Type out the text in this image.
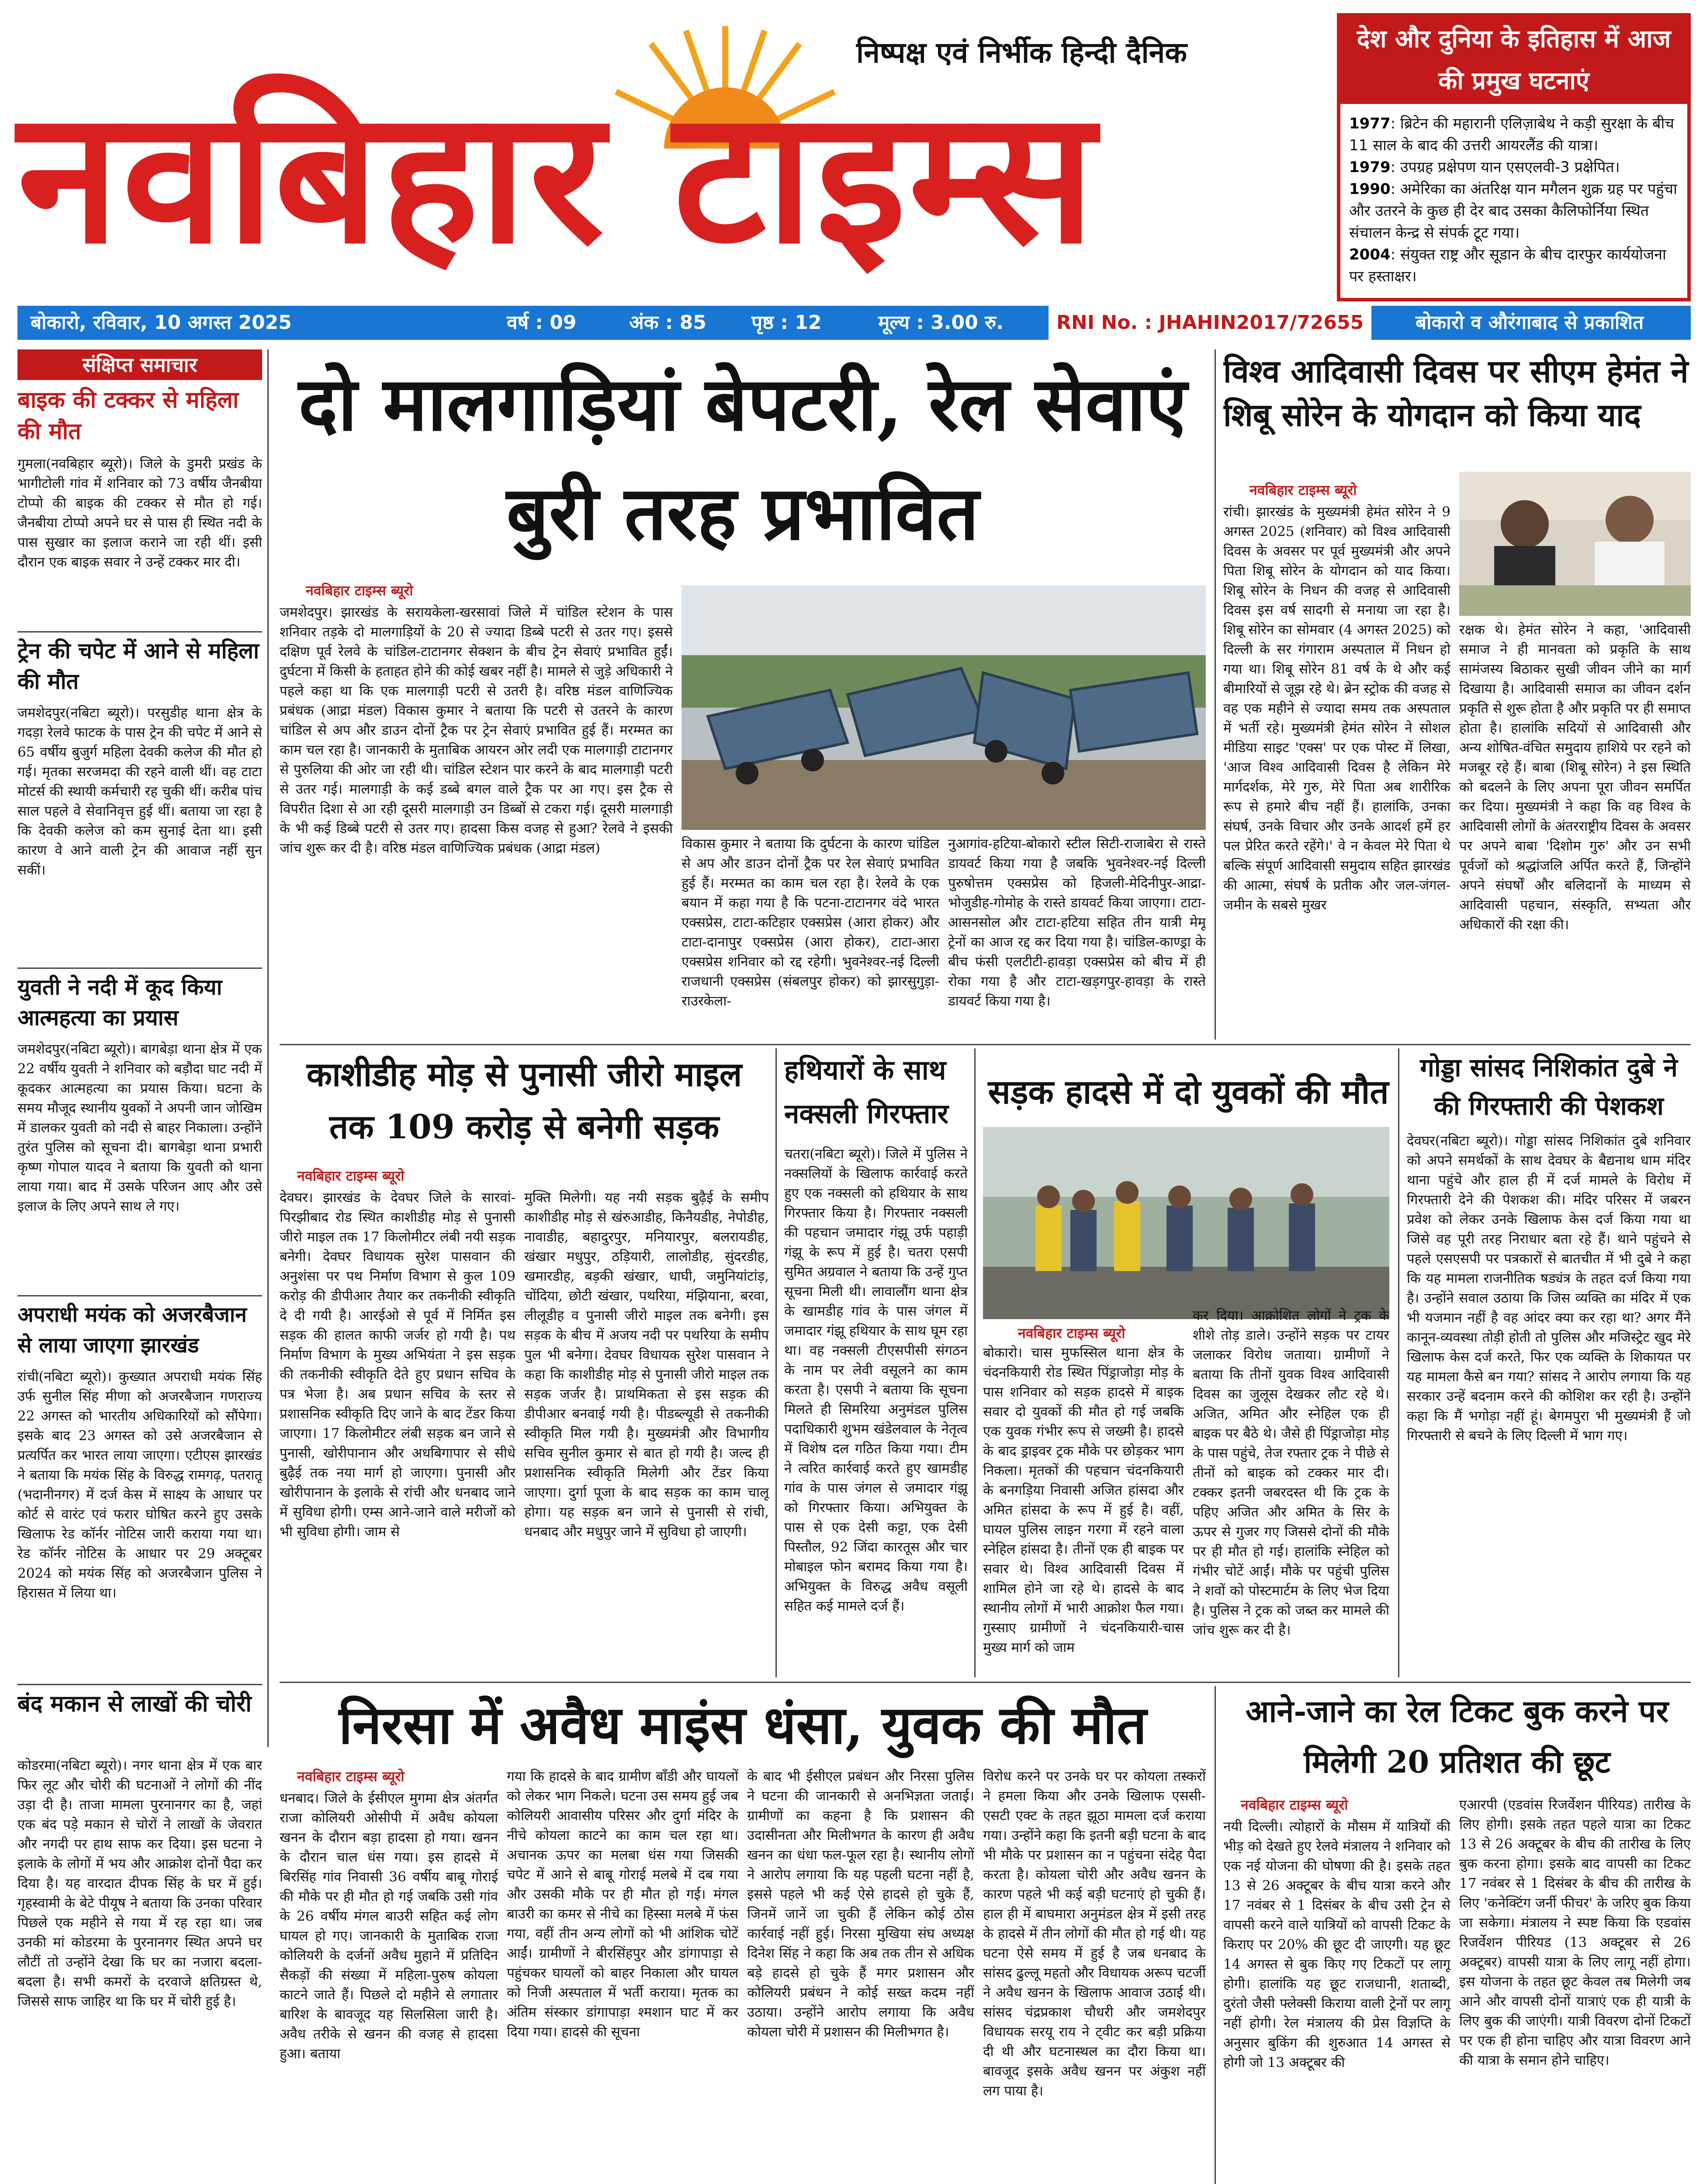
नवबिहार टाइम्स
निष्पक्ष एवं निर्भीक हिन्दी दैनिक	देश और दुनिया के इतिहास में आज की प्रमुख घटनाएं
1977: ब्रिटेन की महारानी एलिज़ाबेथ ने कड़ी सुरक्षा के बीच 11 साल के बाद की उत्तरी आयरलैंड की यात्रा।
1979: उपग्रह प्रक्षेपण यान एसएलवी-3 प्रक्षेपित।
1990: अमेरिका का अंतरिक्ष यान मगैलन शुक्र ग्रह पर पहुंचा और उतरने के कुछ ही देर बाद उसका कैलिफोर्निया स्थित संचालन केन्द्र से संपर्क टूट गया।
2004: संयुक्त राष्ट्र और सूडान के बीच दारफुर कार्ययोजना पर हस्ताक्षर।
बोकारो, रविवार, 10 अगस्त 2025	वर्ष : 09	अंक : 85 पृष्ठ : 12	मूल्य : 3.00 रु.	RNI No. : JHAHIN2017/72655	बोकारो व औरंगाबाद से प्रकाशित
संक्षिप्त समाचार
बाइक की टक्कर से महिला की मौत
गुमला(नवबिहार ब्यूरो)। जिले के डुमरी प्रखंड के भागीटोली गांव में शनिवार को 73 वर्षीय जैनबीया टोप्पो की बाइक की टक्कर से मौत हो गई। जैनबीया टोप्पो अपने घर से पास ही स्थित नदी के पास सुखार का इलाज कराने जा रही थीं। इसी दौरान एक बाइक सवार ने उन्हें टक्कर मार दी।
ट्रेन की चपेट में आने से महिला की मौत
जमशेदपुर(नबिटा ब्यूरो)। परसुडीह थाना क्षेत्र के गदड़ा रेलवे फाटक के पास ट्रेन की चपेट में आने से 65 वर्षीय बुजुर्ग महिला देवकी कलेज की मौत हो गई। मृतका सरजमदा की रहने वाली थीं। वह टाटा मोटर्स की स्थायी कर्मचारी रह चुकी थीं। करीब पांच साल पहले वे सेवानिवृत्त हुई थीं। बताया जा रहा है कि देवकी कलेज को कम सुनाई देता था। इसी कारण वे आने वाली ट्रेन की आवाज नहीं सुन सकीं।
युवती ने नदी में कूद किया आत्महत्या का प्रयास
जमशेदपुर(नबिटा ब्यूरो)। बागबेड़ा थाना क्षेत्र में एक 22 वर्षीय युवती ने शनिवार को बड़ौदा घाट नदी में कूदकर आत्महत्या का प्रयास किया। घटना के समय मौजूद स्थानीय युवकों ने अपनी जान जोखिम में डालकर युवती को नदी से बाहर निकाला। उन्होंने तुरंत पुलिस को सूचना दी। बागबेड़ा थाना प्रभारी कृष्ण गोपाल यादव ने बताया कि युवती को थाना लाया गया। बाद में उसके परिजन आए और उसे इलाज के लिए अपने साथ ले गए।
अपराधी मयंक को अजरबैजान से लाया जाएगा झारखंड
रांची(नबिटा ब्यूरो)। कुख्यात अपराधी मयंक सिंह उर्फ सुनील सिंह मीणा को अजरबैजान गणराज्य 22 अगस्त को भारतीय अधिकारियों को सौंपेगा। इसके बाद 23 अगस्त को उसे अजरबैजान से प्रत्यर्पित कर भारत लाया जाएगा। एटीएस झारखंड ने बताया कि मयंक सिंह के विरुद्ध रामगढ़, पतरातू (भदानीनगर) में दर्ज केस में साक्ष्य के आधार पर कोर्ट से वारंट एवं फरार घोषित करने हुए उसके खिलाफ रेड कॉर्नर नोटिस जारी कराया गया था। रेड कॉर्नर नोटिस के आधार पर 29 अक्टूबर 2024 को मयंक सिंह को अजरबैजान पुलिस ने हिरासत में लिया था।
बंद मकान से लाखों की चोरी
कोडरमा(नबिटा ब्यूरो)। नगर थाना क्षेत्र में एक बार फिर लूट और चोरी की घटनाओं ने लोगों की नींद उड़ा दी है। ताजा मामला पुरनानगर का है, जहां एक बंद पड़े मकान से चोरों ने लाखों के जेवरात और नगदी पर हाथ साफ कर दिया। इस घटना ने इलाके के लोगों में भय और आक्रोश दोनों पैदा कर दिया है। यह वारदात दीपक सिंह के घर में हुई। गृहस्वामी के बेटे पीयूष ने बताया कि उनका परिवार पिछले एक महीने से गया में रह रहा था। जब उनकी मां कोडरमा के पुरनानगर स्थित अपने घर लौटीं तो उन्होंने देखा कि घर का नजारा बदला-बदला है। सभी कमरों के दरवाजे क्षतिग्रस्त थे, जिससे साफ जाहिर था कि घर में चोरी हुई है।
दो मालगाड़ियां बेपटरी, रेल सेवाएं बुरी तरह प्रभावित
नवबिहार टाइम्स ब्यूरो
जमशेदपुर। झारखंड के सरायकेला-खरसावां जिले में चांडिल स्टेशन के पास शनिवार तड़के दो मालगाड़ियों के 20 से ज्यादा डिब्बे पटरी से उतर गए। इससे दक्षिण पूर्व रेलवे के चांडिल-टाटानगर सेक्शन के बीच ट्रेन सेवाएं प्रभावित हुईं। दुर्घटना में किसी के हताहत होने की कोई खबर नहीं है। मामले से जुड़े अधिकारी ने पहले कहा था कि एक मालगाड़ी पटरी से उतरी है। वरिष्ठ मंडल वाणिज्यिक प्रबंधक (आद्रा मंडल) विकास कुमार ने बताया कि पटरी से उतरने के कारण चांडिल से अप और डाउन दोनों ट्रैक पर ट्रेन सेवाएं प्रभावित हुई हैं। मरम्मत का काम चल रहा है। जानकारी के मुताबिक आयरन ओर लदी एक मालगाड़ी टाटानगर से पुरुलिया की ओर जा रही थी। चांडिल स्टेशन पार करने के बाद मालगाड़ी पटरी से उतर गई। मालगाड़ी के कई डब्बे बगल वाले ट्रैक पर आ गए। इस ट्रैक से विपरीत दिशा से आ रही दूसरी मालगाड़ी उन डिब्बों से टकरा गई। दूसरी मालगाड़ी के भी कई डिब्बे पटरी से उतर गए। हादसा किस वजह से हुआ? रेलवे ने इसकी जांच शुरू कर दी है। वरिष्ठ मंडल वाणिज्यिक प्रबंधक (आद्रा मंडल)	विकास कुमार ने बताया कि दुर्घटना के कारण चांडिल से अप और डाउन दोनों ट्रैक पर रेल सेवाएं प्रभावित हुई हैं। मरम्मत का काम चल रहा है। रेलवे के एक बयान में कहा गया है कि पटना-टाटानगर वंदे भारत एक्सप्रेस, टाटा-कटिहार एक्सप्रेस (आरा होकर) और टाटा-दानापुर एक्सप्रेस (आरा होकर), टाटा-आरा एक्सप्रेस शनिवार को रद्द रहेगी। भुवनेश्वर-नई दिल्ली राजधानी एक्सप्रेस (संबलपुर होकर) को झारसुगुड़ा-राउरकेला-
नुआगांव-हटिया-बोकारो स्टील सिटी-राजाबेरा से रास्ते डायवर्ट किया गया है जबकि भुवनेश्वर-नई दिल्ली पुरुषोत्तम एक्सप्रेस को हिजली-मेदिनीपुर-आद्रा-भोजुडीह-गोमोह के रास्ते डायवर्ट किया जाएगा। टाटा-आसनसोल और टाटा-हटिया सहित तीन यात्री मेमू ट्रेनों का आज रद्द कर दिया गया है। चांडिल-काण्ड्रा के बीच फंसी एलटीटी-हावड़ा एक्सप्रेस को बीच में ही रोका गया है और टाटा-खड़गपुर-हावड़ा के रास्ते डायवर्ट किया गया है।
विश्व आदिवासी दिवस पर सीएम हेमंत ने शिबू सोरेन के योगदान को किया याद
नवबिहार टाइम्स ब्यूरो
रांची। झारखंड के मुख्यमंत्री हेमंत सोरेन ने 9 अगस्त 2025 (शनिवार) को विश्व आदिवासी दिवस के अवसर पर पूर्व मुख्यमंत्री और अपने पिता शिबू सोरेन के योगदान को याद किया। शिबू सोरेन के निधन की वजह से आदिवासी दिवस इस वर्ष सादगी से मनाया जा रहा है। शिबू सोरेन का सोमवार (4 अगस्त 2025) को दिल्ली के सर गंगाराम अस्पताल में निधन हो गया था। शिबू सोरेन 81 वर्ष के थे और कई बीमारियों से जूझ रहे थे। ब्रेन स्ट्रोक की वजह से वह एक महीने से ज्यादा समय तक अस्पताल में भर्ती रहे। मुख्यमंत्री हेमंत सोरेन ने सोशल मीडिया साइट 'एक्स' पर एक पोस्ट में लिखा, 'आज विश्व आदिवासी दिवस है लेकिन मेरे मार्गदर्शक, मेरे गुरु, मेरे पिता अब शारीरिक रूप से हमारे बीच नहीं हैं। हालांकि, उनका संघर्ष, उनके विचार और उनके आदर्श हमें हर पल प्रेरित करते रहेंगे।' वे न केवल मेरे पिता थे बल्कि संपूर्ण आदिवासी समुदाय सहित झारखंड की आत्मा, संघर्ष के प्रतीक और जल-जंगल-जमीन के सबसे मुखर
रक्षक थे। हेमंत सोरेन ने कहा, 'आदिवासी समाज ने ही मानवता को प्रकृति के साथ सामंजस्य बिठाकर सुखी जीवन जीने का मार्ग दिखाया है। आदिवासी समाज का जीवन दर्शन प्रकृति से शुरू होता है और प्रकृति पर ही समाप्त होता है। हालांकि सदियों से आदिवासी और अन्य शोषित-वंचित समुदाय हाशिये पर रहने को मजबूर रहे हैं। बाबा (शिबू सोरेन) ने इस स्थिति को बदलने के लिए अपना पूरा जीवन समर्पित कर दिया। मुख्यमंत्री ने कहा कि वह विश्व के आदिवासी लोगों के अंतरराष्ट्रीय दिवस के अवसर पर अपने बाबा 'दिशोम गुरु' और उन सभी पूर्वजों को श्रद्धांजलि अर्पित करते हैं, जिन्होंने अपने संघर्षों और बलिदानों के माध्यम से आदिवासी पहचान, संस्कृति, सभ्यता और अधिकारों की रक्षा की।
काशीडीह मोड़ से पुनासी जीरो माइल तक 109 करोड़ से बनेगी सड़क
नवबिहार टाइम्स ब्यूरो
देवघर। झारखंड के देवघर जिले के सारवां-पिरझीबाद रोड स्थित काशीडीह मोड़ से पुनासी जीरो माइल तक 17 किलोमीटर लंबी नयी सड़क बनेगी। देवघर विधायक सुरेश पासवान की अनुशंसा पर पथ निर्माण विभाग से कुल 109 करोड़ की डीपीआर तैयार कर तकनीकी स्वीकृति दे दी गयी है। आरईओ से पूर्व में निर्मित इस सड़क की हालत काफी जर्जर हो गयी है। पथ निर्माण विभाग के मुख्य अभियंता ने इस सड़क की तकनीकी स्वीकृति देते हुए प्रधान सचिव के पत्र भेजा है। अब प्रधान सचिव के स्तर से प्रशासनिक स्वीकृति दिए जाने के बाद टेंडर किया जाएगा। 17 किलोमीटर लंबी सड़क बन जाने से पुनासी, खोरीपानान और अधबिगापार से सीधे बुढ़ैई तक नया मार्ग हो जाएगा। पुनासी और खोरीपानान के इलाके से रांची और धनबाद जाने में सुविधा होगी। एम्स आने-जाने वाले मरीजों को भी सुविधा होगी। जाम से
मुक्ति मिलेगी। यह नयी सड़क बुढ़ैई के समीप काशीडीह मोड़ से खंरुआडीह, किनैयडीह, नेपोडीह, नावाडीह, बहादुरपुर, मनियारपुर, बलरायडीह, खंखार मधुपुर, ठड़ियारी, लालोडीह, सुंदरडीह, खमारडीह, बड़की खंखार, धाघी, जमुनियांटांड़, चोंदिया, छोटी खंखार, पथरिया, मंझियाना, बरवा, लीलूडीह व पुनासी जीरो माइल तक बनेगी। इस सड़क के बीच में अजय नदी पर पथरिया के समीप पुल भी बनेगा। देवघर विधायक सुरेश पासवान ने कहा कि काशीडीह मोड़ से पुनासी जीरो माइल तक सड़क जर्जर है। प्राथमिकता से इस सड़क की डीपीआर बनवाई गयी है। पीडब्ल्यूडी से तकनीकी स्वीकृति मिल गयी है। मुख्यमंत्री और विभागीय सचिव सुनील कुमार से बात हो गयी है। जल्द ही प्रशासनिक स्वीकृति मिलेगी और टेंडर किया जाएगा। दुर्गा पूजा के बाद सड़क का काम चालू होगा। यह सड़क बन जाने से पुनासी से रांची, धनबाद और मधुपुर जाने में सुविधा हो जाएगी।
हथियारों के साथ नक्सली गिरफ्तार
चतरा(नबिटा ब्यूरो)। जिले में पुलिस ने नक्सलियों के खिलाफ कार्रवाई करते हुए एक नक्सली को हथियार के साथ गिरफ्तार किया है। गिरफ्तार नक्सली की पहचान जमादार गंझू उर्फ पहाड़ी गंझू के रूप में हुई है। चतरा एसपी सुमित अग्रवाल ने बताया कि उन्हें गुप्त सूचना मिली थी। लावालौंग थाना क्षेत्र के खामडीह गांव के पास जंगल में जमादार गंझू हथियार के साथ घूम रहा था। वह नक्सली टीएसपीसी संगठन के नाम पर लेवी वसूलने का काम करता है। एसपी ने बताया कि सूचना मिलते ही सिमरिया अनुमंडल पुलिस पदाधिकारी शुभम खंडेलवाल के नेतृत्व में विशेष दल गठित किया गया। टीम ने त्वरित कार्रवाई करते हुए खामडीह गांव के पास जंगल से जमादार गंझू को गिरफ्तार किया। अभियुक्त के पास से एक देसी कट्टा, एक देसी पिस्तौल, 92 जिंदा कारतूस और चार मोबाइल फोन बरामद किया गया है। अभियुक्त के विरुद्ध अवैध वसूली सहित कई मामले दर्ज हैं।
सड़क हादसे में दो युवकों की मौत
नवबिहार टाइम्स ब्यूरो
बोकारो। चास मुफस्सिल थाना क्षेत्र के चंदनकियारी रोड स्थित पिंड्राजोड़ा मोड़ के पास शनिवार को सड़क हादसे में बाइक सवार दो युवकों की मौत हो गई जबकि एक युवक गंभीर रूप से जख्मी है। हादसे के बाद ड्राइवर ट्रक मौके पर छोड़कर भाग निकला। मृतकों की पहचान चंदनकियारी के बनगड़िया निवासी अजित हांसदा और अमित हांसदा के रूप में हुई है। वहीं, घायल पुलिस लाइन गरगा में रहने वाला स्नेहिल हांसदा है। तीनों एक ही बाइक पर सवार थे। विश्व आदिवासी दिवस में शामिल होने जा रहे थे। हादसे के बाद स्थानीय लोगों में भारी आक्रोश फैल गया। गुस्साए ग्रामीणों ने चंदनकियारी-चास मुख्य मार्ग को जाम
कर दिया। आक्रोशित लोगों ने ट्रक के शीशे तोड़ डाले। उन्होंने सड़क पर टायर जलाकर विरोध जताया। ग्रामीणों ने बताया कि तीनों युवक विश्व आदिवासी दिवस का जुलूस देखकर लौट रहे थे। अजित, अमित और स्नेहिल एक ही बाइक पर बैठे थे। जैसे ही पिंड्राजोड़ा मोड़ के पास पहुंचे, तेज रफ्तार ट्रक ने पीछे से तीनों को बाइक को टक्कर मार दी। टक्कर इतनी जबरदस्त थी कि ट्रक के पहिए अजित और अमित के सिर के ऊपर से गुजर गए जिससे दोनों की मौके पर ही मौत हो गई। हालांकि स्नेहिल को गंभीर चोटें आईं। मौके पर पहुंची पुलिस ने शवों को पोस्टमार्टम के लिए भेज दिया है। पुलिस ने ट्रक को जब्त कर मामले की जांच शुरू कर दी है।
गोड्डा सांसद निशिकांत दुबे ने की गिरफ्तारी की पेशकश
देवघर(नबिटा ब्यूरो)। गोड्डा सांसद निशिकांत दुबे शनिवार को अपने समर्थकों के साथ देवघर के बैद्यनाथ धाम मंदिर थाना पहुंचे और हाल ही में दर्ज मामले के विरोध में गिरफ्तारी देने की पेशकश की। मंदिर परिसर में जबरन प्रवेश को लेकर उनके खिलाफ केस दर्ज किया गया था जिसे वह पूरी तरह निराधार बता रहे हैं। थाने पहुंचने से पहले एसएसपी पर पत्रकारों से बातचीत में भी दुबे ने कहा कि यह मामला राजनीतिक षड्यंत्र के तहत दर्ज किया गया है। उन्होंने सवाल उठाया कि जिस व्यक्ति का मंदिर में एक भी यजमान नहीं है वह आंदर क्या कर रहा था? अगर मैंने कानून-व्यवस्था तोड़ी होती तो पुलिस और मजिस्ट्रेट खुद मेरे खिलाफ केस दर्ज करते, फिर एक व्यक्ति के शिकायत पर यह मामला कैसे बन गया? सांसद ने आरोप लगाया कि यह सरकार उन्हें बदनाम करने की कोशिश कर रही है। उन्होंने कहा कि मैं भगोड़ा नहीं हूं। बेगमपुरा भी मुख्यमंत्री हैं जो गिरफ्तारी से बचने के लिए दिल्ली में भाग गए।
निरसा में अवैध माइंस धंसा, युवक की मौत
नवबिहार टाइम्स ब्यूरो
धनबाद। जिले के ईसीएल मुगमा क्षेत्र अंतर्गत राजा कोलियरी ओसीपी में अवैध कोयला खनन के दौरान बड़ा हादसा हो गया। खनन के दौरान चाल धंस गया। इस हादसे में बिरसिंह गांव निवासी 36 वर्षीय बाबू गोराई की मौके पर ही मौत हो गई जबकि उसी गांव के 26 वर्षीय मंगल बाउरी सहित कई लोग घायल हो गए। जानकारी के मुताबिक राजा कोलियरी के दर्जनों अवैध मुहाने में प्रतिदिन सैकड़ों की संख्या में महिला-पुरुष कोयला काटने जाते हैं। पिछले दो महीने से लगातार बारिश के बावजूद यह सिलसिला जारी है। अवैध तरीके से खनन की वजह से हादसा हुआ। बताया
गया कि हादसे के बाद ग्रामीण बाँडी और घायलों को लेकर भाग निकले। घटना उस समय हुई जब कोलियरी आवासीय परिसर और दुर्गा मंदिर के नीचे कोयला काटने का काम चल रहा था। अचानक ऊपर का मलबा धंस गया जिसकी चपेट में आने से बाबू गोराई मलबे में दब गया और उसकी मौके पर ही मौत हो गई। मंगल बाउरी का कमर से नीचे का हिस्सा मलबे में फंस गया, वहीं तीन अन्य लोगों को भी आंशिक चोटें आईं। ग्रामीणों ने बीरसिंहपुर और डांगापाड़ा से पहुंचकर घायलों को बाहर निकाला और घायल को निजी अस्पताल में भर्ती कराया। मृतक का अंतिम संस्कार डांगापाड़ा श्मशान घाट में कर दिया गया। हादसे की सूचना
के बाद भी ईसीएल प्रबंधन और निरसा पुलिस ने घटना की जानकारी से अनभिज्ञता जताई। ग्रामीणों का कहना है कि प्रशासन की उदासीनता और मिलीभगत के कारण ही अवैध खनन का धंधा फल-फूल रहा है। स्थानीय लोगों ने आरोप लगाया कि यह पहली घटना नहीं है, इससे पहले भी कई ऐसे हादसे हो चुके हैं, जिनमें जानें जा चुकी हैं लेकिन कोई ठोस कार्रवाई नहीं हुई। निरसा मुखिया संघ अध्यक्ष दिनेश सिंह ने कहा कि अब तक तीन से अधिक बड़े हादसे हो चुके हैं मगर प्रशासन और कोलियरी प्रबंधन ने कोई सख्त कदम नहीं उठाया। उन्होंने आरोप लगाया कि अवैध कोयला चोरी में प्रशासन की मिलीभगत है।
विरोध करने पर उनके घर पर कोयला तस्करों ने हमला किया और उनके खिलाफ एससी-एसटी एक्ट के तहत झूठा मामला दर्ज कराया गया। उन्होंने कहा कि इतनी बड़ी घटना के बाद भी मौके पर प्रशासन का न पहुंचना संदेह पैदा करता है। कोयला चोरी और अवैध खनन के कारण पहले भी कई बड़ी घटनाएं हो चुकी हैं। हाल ही में बाघमारा अनुमंडल क्षेत्र में इसी तरह के हादसे में तीन लोगों की मौत हो गई थी। यह घटना ऐसे समय में हुई है जब धनबाद के सांसद ढुल्लू महतो और विधायक अरूप चटर्जी ने अवैध खनन के खिलाफ आवाज उठाई थी। सांसद चंद्रप्रकाश चौधरी और जमशेदपुर विधायक सरयू राय ने ट्वीट कर बड़ी प्रक्रिया दी थी और घटनास्थल का दौरा किया था। बावजूद इसके अवैध खनन पर अंकुश नहीं लग पाया है।
आने-जाने का रेल टिकट बुक करने पर मिलेगी 20 प्रतिशत की छूट
नवबिहार टाइम्स ब्यूरो
नयी दिल्ली। त्योहारों के मौसम में यात्रियों की भीड़ को देखते हुए रेलवे मंत्रालय ने शनिवार को एक नई योजना की घोषणा की है। इसके तहत 13 से 26 अक्टूबर के बीच यात्रा करने और 17 नवंबर से 1 दिसंबर के बीच उसी ट्रेन से वापसी करने वाले यात्रियों को वापसी टिकट के किराए पर 20% की छूट दी जाएगी। यह छूट 14 अगस्त से बुक किए गए टिकटों पर लागू होगी। हालांकि यह छूट राजधानी, शताब्दी, दुरंतो जैसी फ्लेक्सी किराया वाली ट्रेनों पर लागू नहीं होगी। रेल मंत्रालय की प्रेस विज्ञप्ति के अनुसार बुकिंग की शुरुआत 14 अगस्त से होगी जो 13 अक्टूबर की
एआरपी (एडवांस रिजर्वेशन पीरियड) तारीख के लिए होगी। इसके तहत पहले यात्रा का टिकट 13 से 26 अक्टूबर के बीच की तारीख के लिए बुक करना होगा। इसके बाद वापसी का टिकट 17 नवंबर से 1 दिसंबर के बीच की तारीख के लिए 'कनेक्टिंग जर्नी फीचर' के जरिए बुक किया जा सकेगा। मंत्रालय ने स्पष्ट किया कि एडवांस रिजर्वेशन पीरियड (13 अक्टूबर से 26 अक्टूबर) वापसी यात्रा के लिए लागू नहीं होगा। इस योजना के तहत छूट केवल तब मिलेगी जब आने और वापसी दोनों यात्राएं एक ही यात्री के लिए बुक की जाएंगी। यात्री विवरण दोनों टिकटों पर एक ही होना चाहिए और यात्रा विवरण आने की यात्रा के समान होने चाहिए।
